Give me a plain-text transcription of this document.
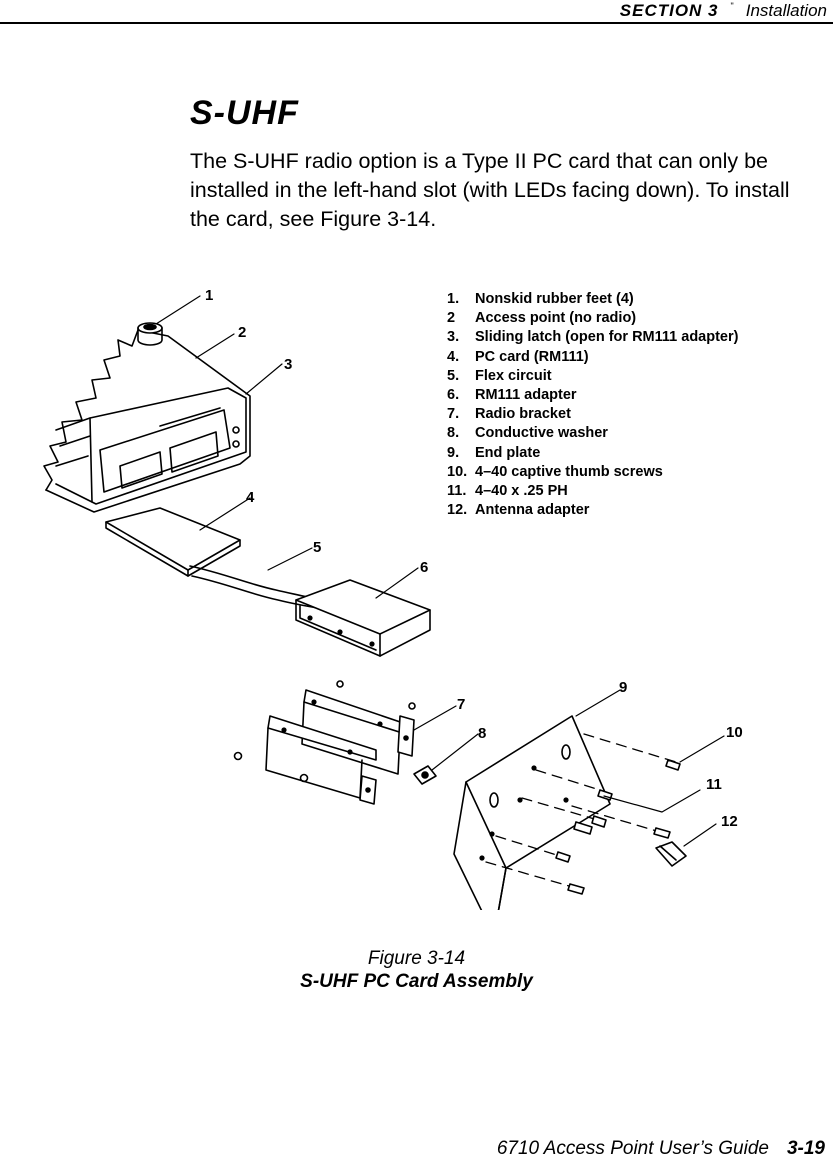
SECTION 3 " Installation
S-UHF
The S-UHF radio option is a Type II PC card that can only be installed in the left-hand slot (with LEDs facing down). To install the card, see Figure 3-14.
1
2
3
4
5
6
7
8
9
10
11
12
1. Nonskid rubber feet (4)
2 Access point (no radio)
3. Sliding latch (open for RM111 adapter)
4. PC card (RM111)
5. Flex circuit
6. RM111 adapter
7. Radio bracket
8. Conductive washer
9. End plate
10. 4–40 captive thumb screws
11. 4–40 x .25 PH
12. Antenna adapter
Figure 3-14
S-UHF PC Card Assembly
6710 Access Point User’s Guide 3-19
